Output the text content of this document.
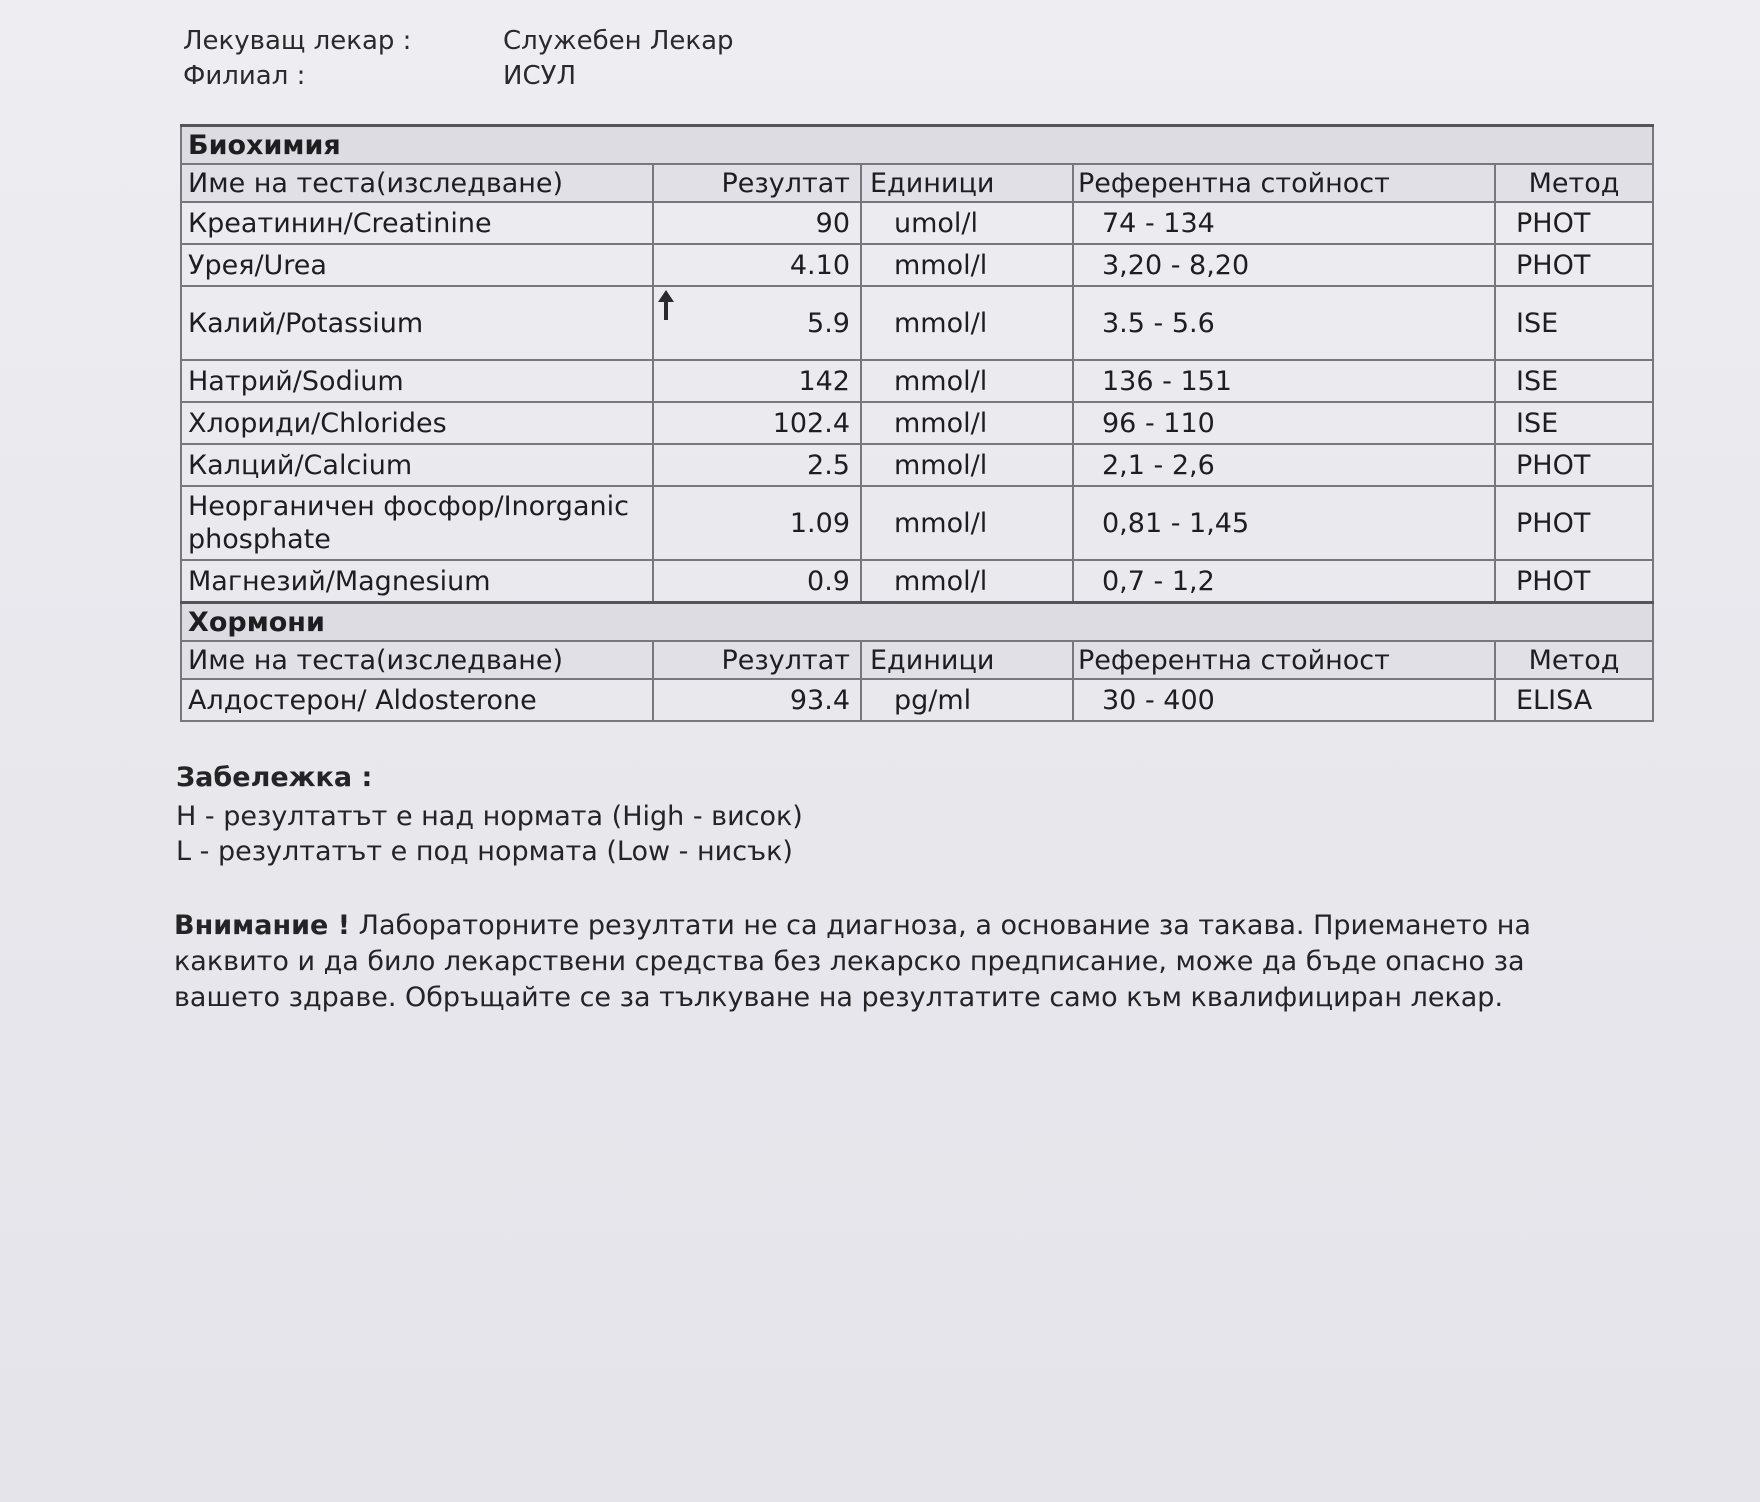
Лекуващ лекар :	Служебен Лекар
Филиал :	ИСУЛ
Биохимия				
Име на теста(изследване)	Резултат	Единици	Референтна стойност	Метод
Креатинин/Creatinine	90	umol/l	74 - 134	PHOT
Урея/Urea	4.10	mmol/l	3,20 - 8,20	PHOT
Калий/Potassium	5.9	mmol/l	3.5 - 5.6	ISE
Натрий/Sodium	142	mmol/l	136 - 151	ISE
Хлориди/Chlorides	102.4	mmol/l	96 - 110	ISE
Калций/Calcium	2.5	mmol/l	2,1 - 2,6	PHOT
Неорганичен фосфор/Inorganic phosphate	1.09	mmol/l	0,81 - 1,45	PHOT
Магнезий/Magnesium	0.9	mmol/l	0,7 - 1,2	PHOT
Хормони				
Име на теста(изследване)	Резултат	Единици	Референтна стойност	Метод
Алдостерон/ Aldosterone	93.4	pg/ml	30 - 400	ELISA
Забележка :
H - резултатът е над нормата (High - висок)
L - резултатът е под нормата (Low - нисък)
Внимание ! Лабораторните резултати не са диагноза, а основание за такава. Приемането на каквито и да било лекарствени средства без лекарско предписание, може да бъде опасно за вашето здраве. Обръщайте се за тълкуване на резултатите само към квалифициран лекар.
